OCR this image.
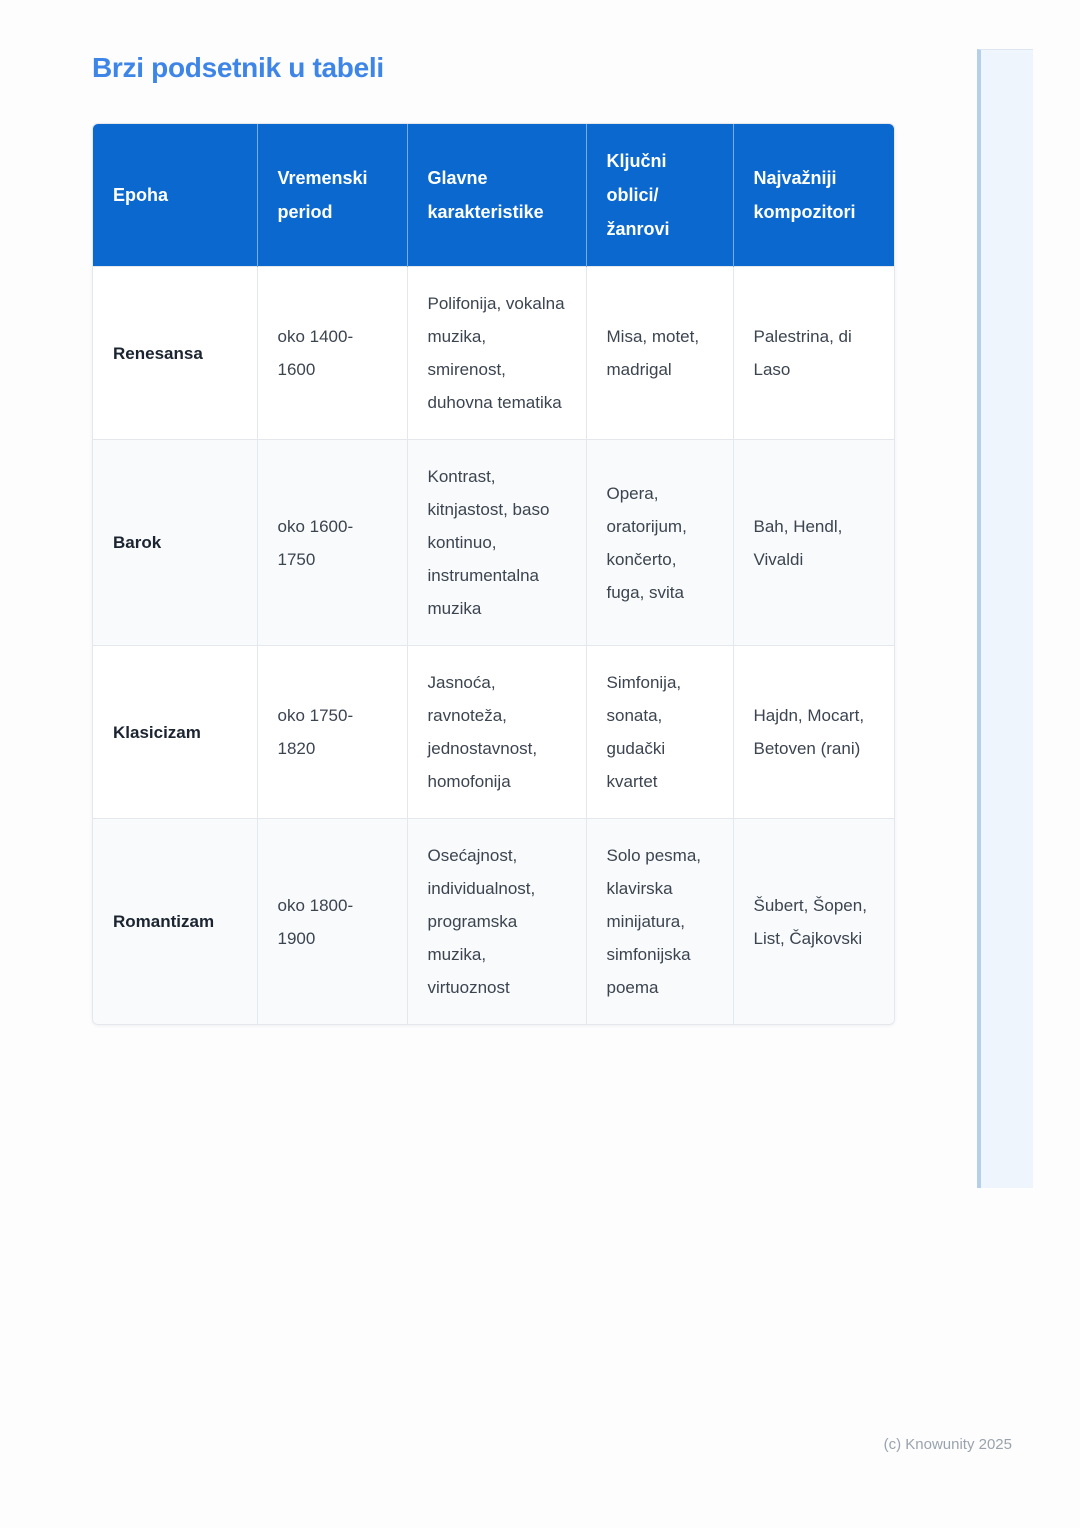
Brzi podsetnik u tabeli
Epoha	Vremenski period	Glavne karakteristike	Ključni oblici/žanrovi	Najvažniji kompozitori
Renesansa	oko 1400-1600	Polifonija, vokalna muzika, smirenost, duhovna tematika	Misa, motet, madrigal	Palestrina, di Laso
Barok	oko 1600-1750	Kontrast, kitnjastost, baso kontinuo, instrumentalna muzika	Opera, oratorijum, končerto, fuga, svita	Bah, Hendl, Vivaldi
Klasicizam	oko 1750-1820	Jasnoća, ravnoteža, jednostavnost, homofonija	Simfonija, sonata, gudački kvartet	Hajdn, Mocart, Betoven (rani)
Romantizam	oko 1800-1900	Osećajnost, individualnost, programska muzika, virtuoznost	Solo pesma, klavirska minijatura, simfonijska poema	Šubert, Šopen, List, Čajkovski
(c) Knowunity 2025
